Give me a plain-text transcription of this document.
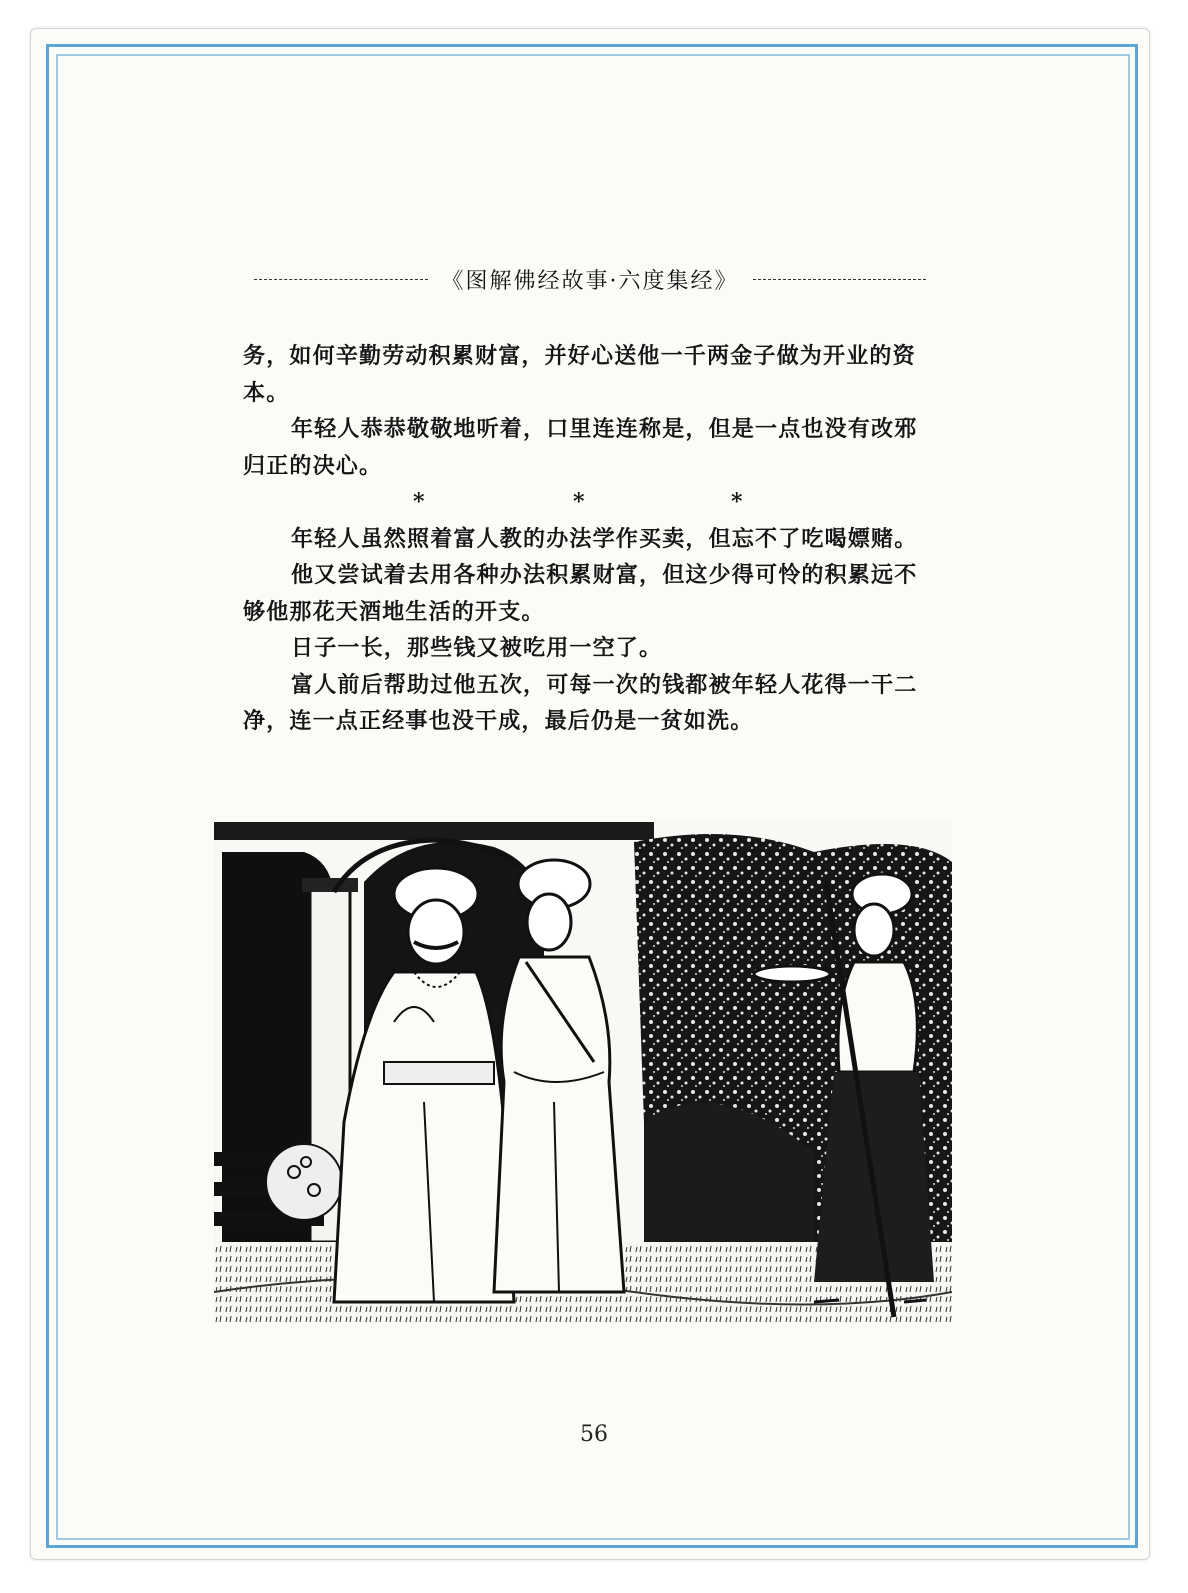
《图解佛经故事·六度集经》

务，如何辛勤劳动积累财富，并好心送他一千两金子做为开业的资本。

年轻人恭恭敬敬地听着，口里连连称是，但是一点也没有改邪归正的决心。

*	*	*

年轻人虽然照着富人教的办法学作买卖，但忘不了吃喝嫖赌。

他又尝试着去用各种办法积累财富，但这少得可怜的积累远不够他那花天酒地生活的开支。

日子一长，那些钱又被吃用一空了。

富人前后帮助过他五次，可每一次的钱都被年轻人花得一干二净，连一点正经事也没干成，最后仍是一贫如洗。

56
